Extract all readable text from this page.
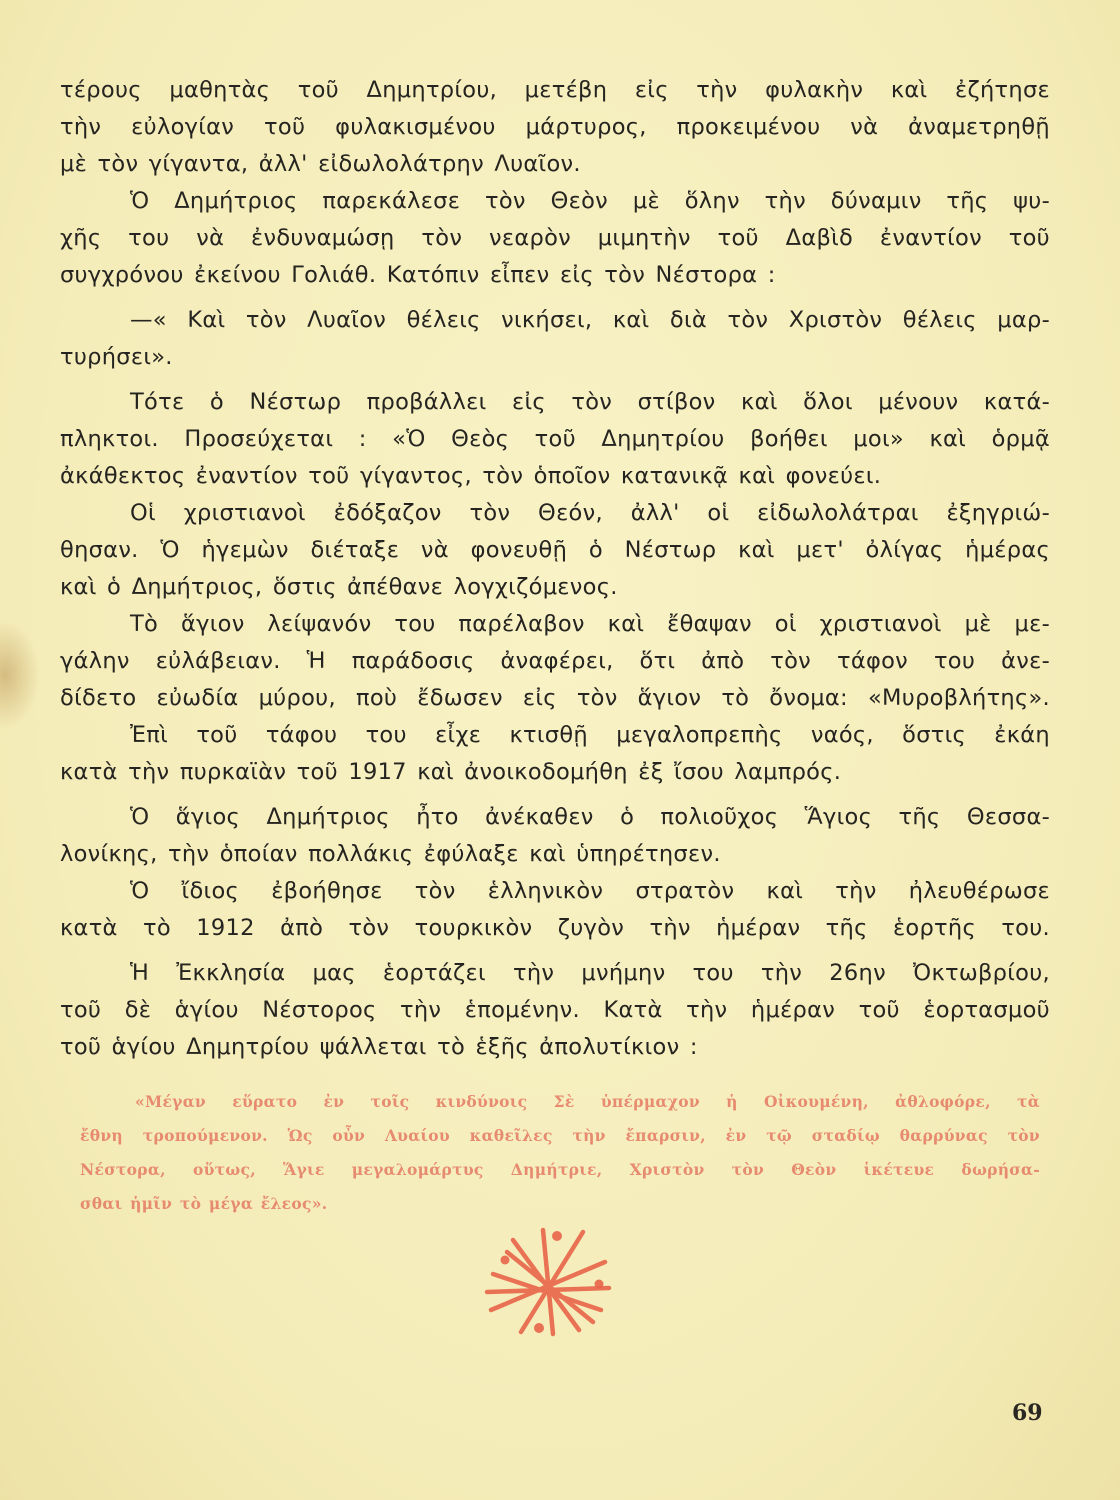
τέρους μαθητὰς τοῦ Δημητρίου, μετέβη εἰς τὴν φυλακὴν καὶ ἐζήτησε
τὴν εὐλογίαν τοῦ φυλακισμένου μάρτυρος, προκειμένου νὰ ἀναμετρηθῇ
μὲ τὸν γίγαντα, ἀλλ' εἰδωλολάτρην Λυαῖον.
Ὁ Δημήτριος παρεκάλεσε τὸν Θεὸν μὲ ὅλην τὴν δύναμιν τῆς ψυ-
χῆς του νὰ ἐνδυναμώσῃ τὸν νεαρὸν μιμητὴν τοῦ Δαβὶδ ἐναντίον τοῦ
συγχρόνου ἐκείνου Γολιάθ. Κατόπιν εἶπεν εἰς τὸν Νέστορα :
—« Καὶ τὸν Λυαῖον θέλεις νικήσει, καὶ διὰ τὸν Χριστὸν θέλεις μαρ-
τυρήσει».
Τότε ὁ Νέστωρ προβάλλει εἰς τὸν στίβον καὶ ὅλοι μένουν κατά-
πληκτοι. Προσεύχεται : «Ὁ Θεὸς τοῦ Δημητρίου βοήθει μοι» καὶ ὁρμᾷ
ἀκάθεκτος ἐναντίον τοῦ γίγαντος, τὸν ὁποῖον κατανικᾷ καὶ φονεύει.
Οἱ χριστιανοὶ ἐδόξαζον τὸν Θεόν, ἀλλ' οἱ εἰδωλολάτραι ἐξηγριώ-
θησαν. Ὁ ἡγεμὼν διέταξε νὰ φονευθῇ ὁ Νέστωρ καὶ μετ' ὀλίγας ἡμέρας
καὶ ὁ Δημήτριος, ὅστις ἀπέθανε λογχιζόμενος.
Τὸ ἅγιον λείψανόν του παρέλαβον καὶ ἔθαψαν οἱ χριστιανοὶ μὲ με-
γάλην εὐλάβειαν. Ἡ παράδοσις ἀναφέρει, ὅτι ἀπὸ τὸν τάφον του ἀνε-
δίδετο εὐωδία μύρου, ποὺ ἔδωσεν εἰς τὸν ἅγιον τὸ ὄνομα: «Μυροβλήτης».
Ἐπὶ τοῦ τάφου του εἶχε κτισθῇ μεγαλοπρεπὴς ναός, ὅστις ἐκάη
κατὰ τὴν πυρκαϊὰν τοῦ 1917 καὶ ἀνοικοδομήθη ἐξ ἴσου λαμπρός.
Ὁ ἅγιος Δημήτριος ἦτο ἀνέκαθεν ὁ πολιοῦχος Ἅγιος τῆς Θεσσα-
λονίκης, τὴν ὁποίαν πολλάκις ἐφύλαξε καὶ ὑπηρέτησεν.
Ὁ ἴδιος ἐβοήθησε τὸν ἑλληνικὸν στρατὸν καὶ τὴν ἠλευθέρωσε
κατὰ τὸ 1912 ἀπὸ τὸν τουρκικὸν ζυγὸν τὴν ἡμέραν τῆς ἑορτῆς του.
Ἡ Ἐκκλησία μας ἑορτάζει τὴν μνήμην του τὴν 26ην Ὀκτωβρίου,
τοῦ δὲ ἁγίου Νέστορος τὴν ἑπομένην. Κατὰ τὴν ἡμέραν τοῦ ἑορτασμοῦ
τοῦ ἁγίου Δημητρίου ψάλλεται τὸ ἑξῆς ἀπολυτίκιον :
«Μέγαν εὕρατο ἐν τοῖς κινδύνοις Σὲ ὑπέρμαχον ἡ Οἰκουμένη, ἀθλοφόρε, τὰ
ἔθνη τροπούμενον. Ὡς οὖν Λυαίου καθεῖλες τὴν ἔπαρσιν, ἐν τῷ σταδίῳ θαρρύνας τὸν
Νέστορα, οὕτως, Ἅγιε μεγαλομάρτυς Δημήτριε, Χριστὸν τὸν Θεὸν ἱκέτευε δωρήσα-
σθαι ἡμῖν τὸ μέγα ἔλεος».
69
